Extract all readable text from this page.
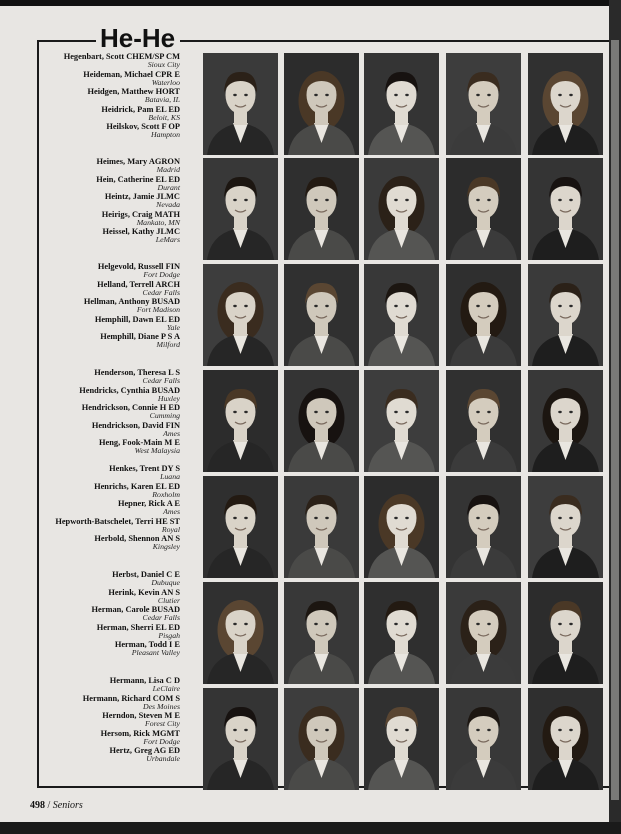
He-He
Hegenbart, Scott CHEM/SP CM
Sioux City
Heideman, Michael CPR E
Waterloo
Heidgen, Matthew HORT
Batavia, IL
Heidrick, Pam EL ED
Beloit, KS
Heilskov, Scott F OP
Hampton
Heimes, Mary AGRON
Madrid
Hein, Catherine EL ED
Durant
Heintz, Jamie JLMC
Nevada
Heirigs, Craig MATH
Mankato, MN
Heissel, Kathy JLMC
LeMars
Helgevold, Russell FIN
Fort Dodge
Helland, Terrell ARCH
Cedar Falls
Hellman, Anthony BUSAD
Fort Madison
Hemphill, Dawn EL ED
Yale
Hemphill, Diane P S A
Milford
Henderson, Theresa L S
Cedar Falls
Hendricks, Cynthia BUSAD
Huxley
Hendrickson, Connie H ED
Cumming
Hendrickson, David FIN
Ames
Heng, Fook-Main M E
West Malaysia
Henkes, Trent DY S
Luana
Henrichs, Karen EL ED
Roxholm
Hepner, Rick A E
Ames
Hepworth-Batschelet, Terri HE ST
Royal
Herbold, Shennon AN S
Kingsley
Herbst, Daniel C E
Dubuque
Herink, Kevin AN S
Clutier
Herman, Carole BUSAD
Cedar Falls
Herman, Sherri EL ED
Pisgah
Herman, Todd I E
Pleasant Valley
Hermann, Lisa C D
LeClaire
Hermann, Richard COM S
Des Moines
Herndon, Steven M E
Forest City
Hersom, Rick MGMT
Fort Dodge
Hertz, Greg AG ED
Urbandale
498 / Seniors
